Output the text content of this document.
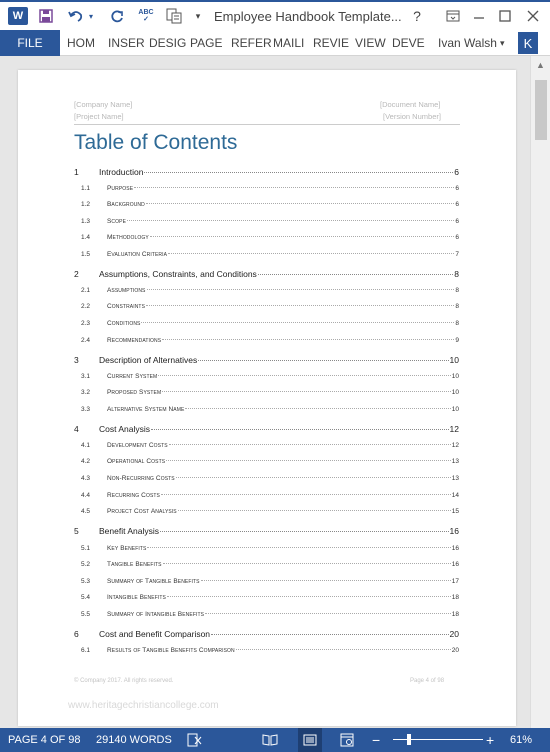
W	▾	ABC
✓	▾ Employee Handbook Template... ?
FILE	HOM INSER DESIG PAGE REFER MAILI REVIE VIEW DEVE Ivan Walsh ▾	K
▲
[Company Name]
[Project Name]
[Document Name]
[Version Number]
Table of Contents
1	Introduction	6
1.1	Purpose	6
1.2	Background	6
1.3	Scope	6
1.4	Methodology	6
1.5	Evaluation Criteria	7
2	Assumptions, Constraints, and Conditions	8
2.1	Assumptions	8
2.2	Constraints	8
2.3	Conditions	8
2.4	Recommendations	9
3	Description of Alternatives	10
3.1	Current System	10
3.2	Proposed System	10
3.3	Alternative System Name	10
4	Cost Analysis	12
4.1	Development Costs	12
4.2	Operational Costs	13
4.3	Non-Recurring Costs	13
4.4	Recurring Costs	14
4.5	Project Cost Analysis	15
5	Benefit Analysis	16
5.1	Key Benefits	16
5.2	Tangible Benefits	16
5.3	Summary of Tangible Benefits	17
5.4	Intangible Benefits	18
5.5	Summary of Intangible Benefits	18
6	Cost and Benefit Comparison	20
6.1	Results of Tangible Benefits Comparison	20
© Company 2017. All rights reserved.	Page 4 of 98
www.heritagechristiancollege.com
PAGE 4 OF 98 29140 WORDS	−	+ 61%
